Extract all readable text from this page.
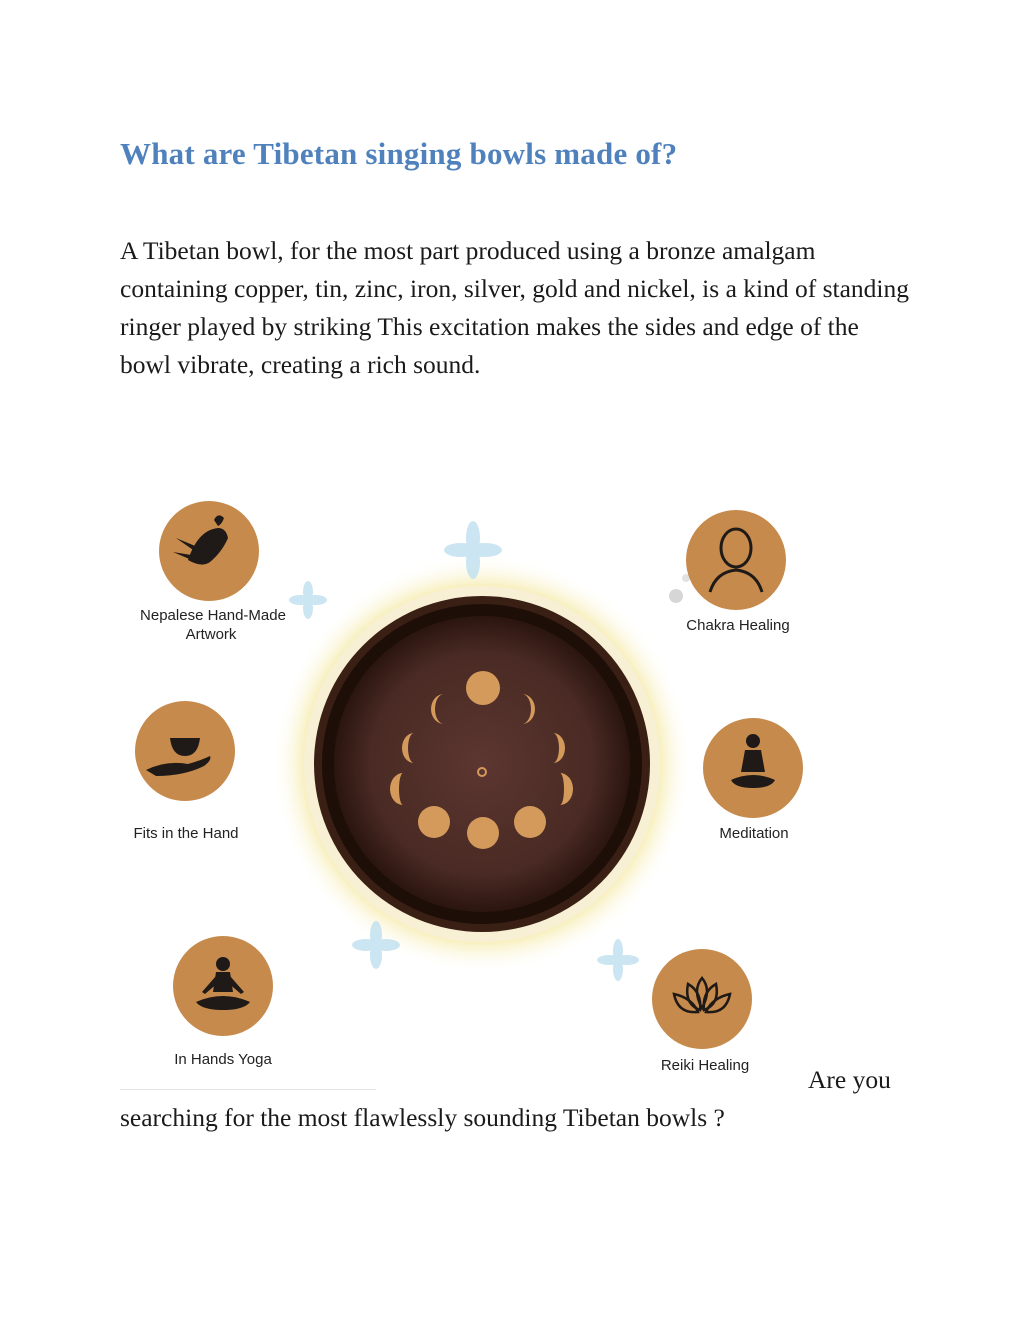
What are Tibetan singing bowls made of?

A Tibetan bowl, for the most part produced using a bronze amalgam containing copper, tin, zinc, iron, silver, gold and nickel, is a kind of standing ringer played by striking This excitation makes the sides and edge of the bowl vibrate, creating a rich sound.

Nepalese Hand-Made
Artwork
Chakra Healing
Fits in the Hand	Meditation
In Hands Yoga	Reiki Healing Are you
searching for the most flawlessly sounding Tibetan bowls ?
